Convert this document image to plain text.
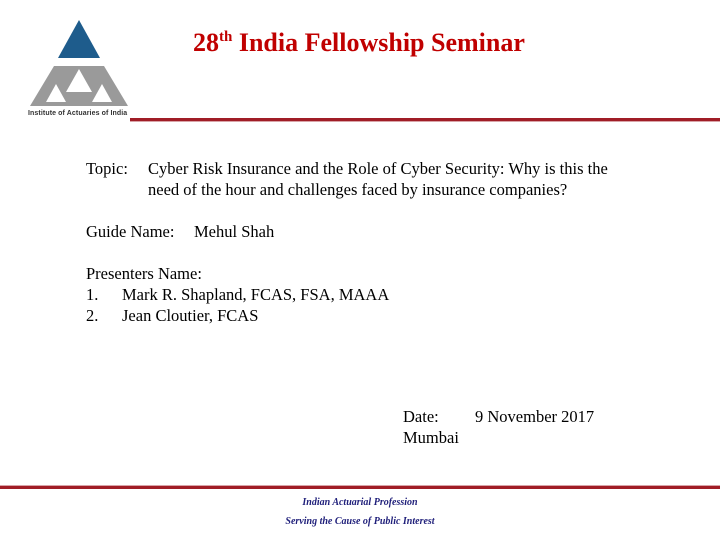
Institute of Actuaries of India
28th India Fellowship Seminar
Topic: Cyber Risk Insurance and the Role of Cyber Security: Why is this the need of the hour and challenges faced by insurance companies?
Guide Name: Mehul Shah
Presenters Name:
1. Mark R. Shapland, FCAS, FSA, MAAA
2. Jean Cloutier, FCAS
Date: 9 November 2017
Mumbai
Indian Actuarial Profession
Serving the Cause of Public Interest
